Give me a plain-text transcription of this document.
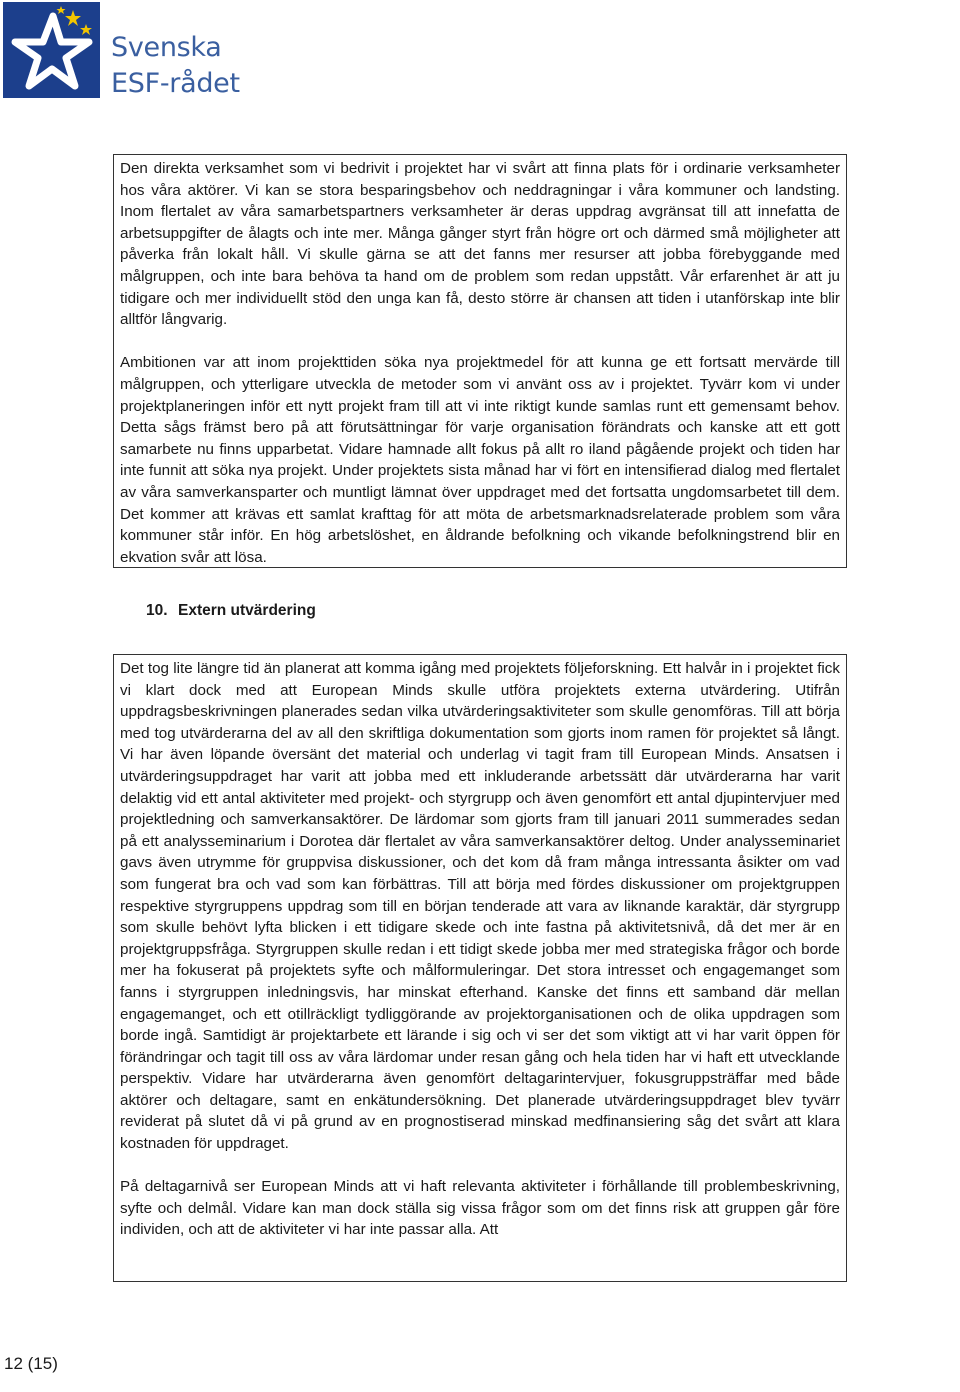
Svenska
ESF-rådet

Den direkta verksamhet som vi bedrivit i projektet har vi svårt att finna plats för i ordinarie verksamheter hos våra aktörer. Vi kan se stora besparingsbehov och neddragningar i våra kommuner och landsting. Inom flertalet av våra samarbetspartners verksamheter är deras uppdrag avgränsat till att innefatta de arbetsuppgifter de ålagts och inte mer. Många gånger styrt från högre ort och därmed små möjligheter att påverka från lokalt håll. Vi skulle gärna se att det fanns mer resurser att jobba förebyggande med målgruppen, och inte bara behöva ta hand om de problem som redan uppstått. Vår erfarenhet är att ju tidigare och mer individuellt stöd den unga kan få, desto större är chansen att tiden i utanförskap inte blir alltför långvarig.

Ambitionen var att inom projekttiden söka nya projektmedel för att kunna ge ett fortsatt mervärde till målgruppen, och ytterligare utveckla de metoder som vi använt oss av i projektet. Tyvärr kom vi under projektplaneringen inför ett nytt projekt fram till att vi inte riktigt kunde samlas runt ett gemensamt behov. Detta sågs främst bero på att förutsättningar för varje organisation förändrats och kanske att ett gott samarbete nu finns upparbetat. Vidare hamnade allt fokus på allt ro iland pågående projekt och tiden har inte funnit att söka nya projekt. Under projektets sista månad har vi fört en intensifierad dialog med flertalet av våra samverkansparter och muntligt lämnat över uppdraget med det fortsatta ungdomsarbetet till dem. Det kommer att krävas ett samlat krafttag för att möta de arbetsmarknadsrelaterade problem som våra kommuner står inför. En hög arbetslöshet, en åldrande befolkning och vikande befolkningstrend blir en ekvation svår att lösa.

10. Extern utvärdering

Det tog lite längre tid än planerat att komma igång med projektets följeforskning. Ett halvår in i projektet fick vi klart dock med att European Minds skulle utföra projektets externa utvärdering. Utifrån uppdragsbeskrivningen planerades sedan vilka utvärderingsaktiviteter som skulle genomföras. Till att börja med tog utvärderarna del av all den skriftliga dokumentation som gjorts inom ramen för projektet så långt. Vi har även löpande översänt det material och underlag vi tagit fram till European Minds. Ansatsen i utvärderingsuppdraget har varit att jobba med ett inkluderande arbetssätt där utvärderarna har varit delaktig vid ett antal aktiviteter med projekt- och styrgrupp och även genomfört ett antal djupintervjuer med projektledning och samverkansaktörer. De lärdomar som gjorts fram till januari 2011 summerades sedan på ett analysseminarium i Dorotea där flertalet av våra samverkansaktörer deltog. Under analysseminariet gavs även utrymme för gruppvisa diskussioner, och det kom då fram många intressanta åsikter om vad som fungerat bra och vad som kan förbättras. Till att börja med fördes diskussioner om projektgruppen respektive styrgruppens uppdrag som till en början tenderade att vara av liknande karaktär, där styrgrupp som skulle behövt lyfta blicken i ett tidigare skede och inte fastna på aktivitetsnivå, då det mer är en projektgruppsfråga. Styrgruppen skulle redan i ett tidigt skede jobba mer med strategiska frågor och borde mer ha fokuserat på projektets syfte och målformuleringar. Det stora intresset och engagemanget som fanns i styrgruppen inledningsvis, har minskat efterhand. Kanske det finns ett samband där mellan engagemanget, och ett otillräckligt tydliggörande av projektorganisationen och de olika uppdragen som borde ingå. Samtidigt är projektarbete ett lärande i sig och vi ser det som viktigt att vi har varit öppen för förändringar och tagit till oss av våra lärdomar under resan gång och hela tiden har vi haft ett utvecklande perspektiv. Vidare har utvärderarna även genomfört deltagarintervjuer, fokusgruppsträffar med både aktörer och deltagare, samt en enkätundersökning. Det planerade utvärderingsuppdraget blev tyvärr reviderat på slutet då vi på grund av en prognostiserad minskad medfinansiering såg det svårt att klara kostnaden för uppdraget.

På deltagarnivå ser European Minds att vi haft relevanta aktiviteter i förhållande till problembeskrivning, syfte och delmål. Vidare kan man dock ställa sig vissa frågor som om det finns risk att gruppen går före individen, och att de aktiviteter vi har inte passar alla. Att

12 (15)
